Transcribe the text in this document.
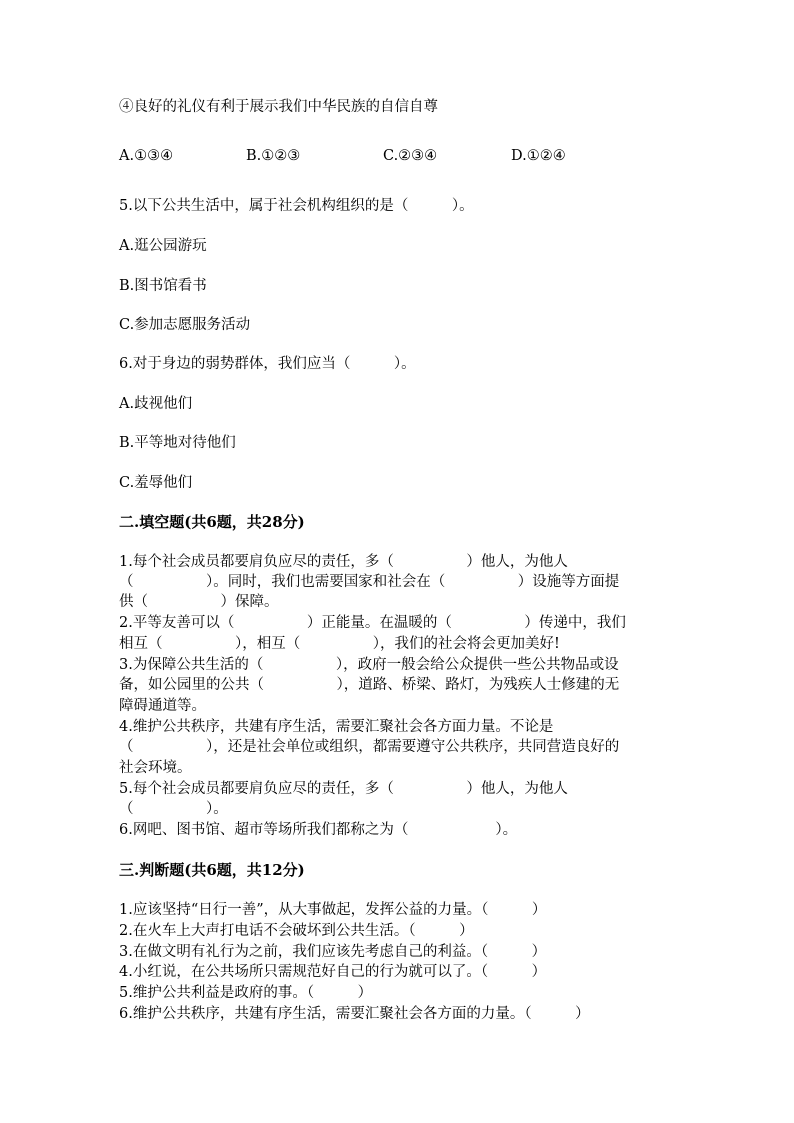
④良好的礼仪有利于展示我们中华民族的自信自尊
A.①③④	B.①②③	C.②③④	D.①②④
5.以下公共生活中，属于社会机构组织的是（　　　）。
A.逛公园游玩
B.图书馆看书
C.参加志愿服务活动
6.对于身边的弱势群体，我们应当（　　　）。
A.歧视他们
B.平等地对待他们
C.羞辱他们
二.填空题(共6题，共28分)
1.每个社会成员都要肩负应尽的责任，多（　　　　　）他人，为他人
（　　　　　）。同时，我们也需要国家和社会在（　　　　　）设施等方面提
供（　　　　　）保障。
2.平等友善可以（　　　　　）正能量。在温暖的（　　　　　）传递中，我们
相互（　　　　　），相互（　　　　　），我们的社会将会更加美好!
3.为保障公共生活的（　　　　　），政府一般会给公众提供一些公共物品或设
备，如公园里的公共（　　　　　），道路、桥梁、路灯，为残疾人士修建的无
障碍通道等。
4.维护公共秩序，共建有序生活，需要汇聚社会各方面力量。不论是
（　　　　　），还是社会单位或组织，都需要遵守公共秩序，共同营造良好的
社会环境。
5.每个社会成员都要肩负应尽的责任，多（　　　　　）他人，为他人
（　　　　　）。
6.网吧、图书馆、超市等场所我们都称之为（　　　　　　）。
三.判断题(共6题，共12分)
1.应该坚持“日行一善”，从大事做起，发挥公益的力量。（　　　）
2.在火车上大声打电话不会破坏到公共生活。（　　　）
3.在做文明有礼行为之前，我们应该先考虑自己的利益。（　　　）
4.小红说，在公共场所只需规范好自己的行为就可以了。（　　　）
5.维护公共利益是政府的事。（　　　）
6.维护公共秩序，共建有序生活，需要汇聚社会各方面的力量。（　　　）
